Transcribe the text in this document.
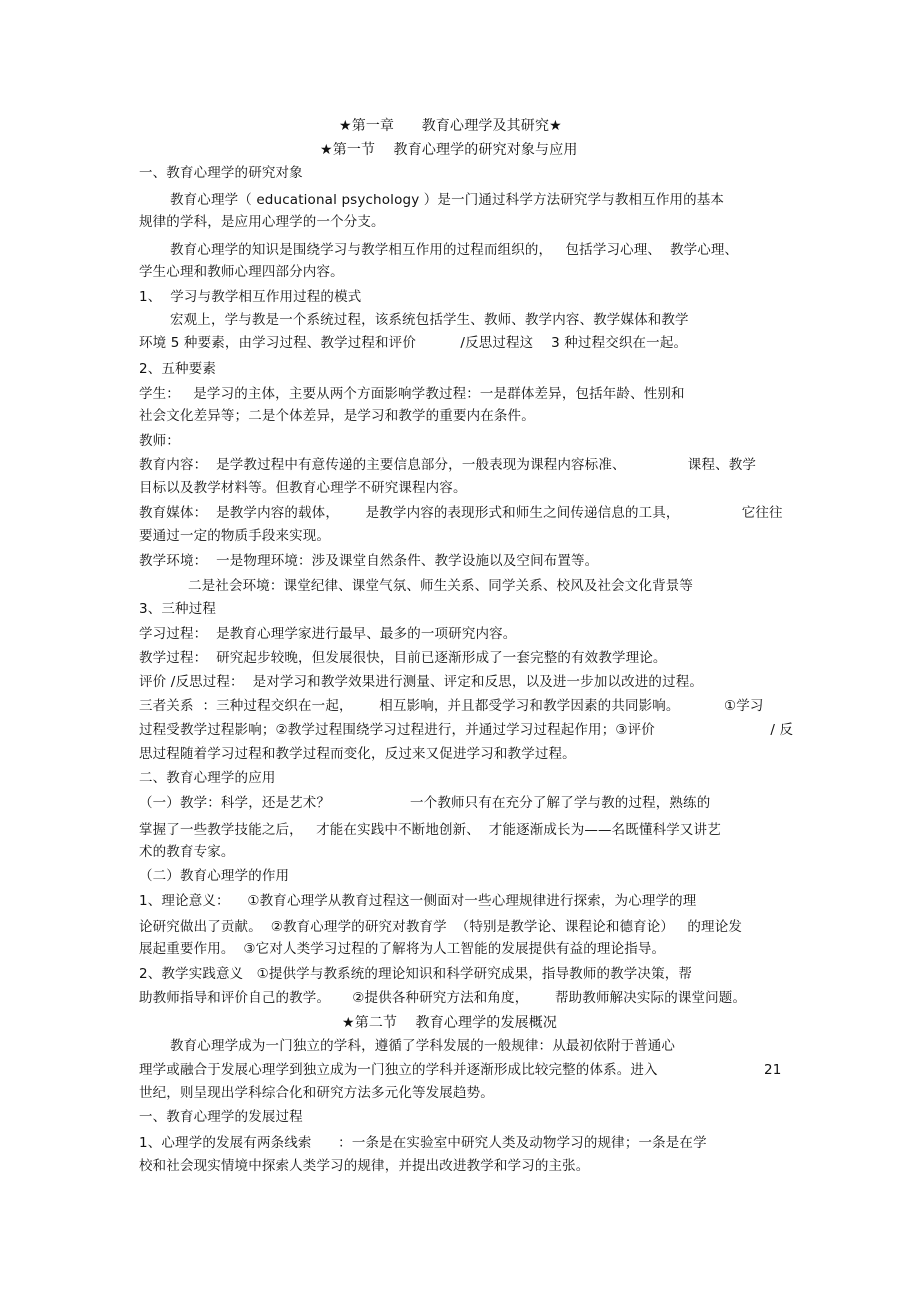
★第一章      教育心理学及其研究★

★第一节    教育心理学的研究对象与应用

一、教育心理学的研究对象

教育心理学（ educational psychology ）是一门通过科学方法研究学与教相互作用的基本

规律的学科，是应用心理学的一个分支。

教育心理学的知识是围绕学习与教学相互作用的过程而组织的，   包括学习心理、  教学心理、

学生心理和教师心理四部分内容。

1、  学习与教学相互作用过程的模式

宏观上，学与教是一个系统过程，该系统包括学生、教师、教学内容、教学媒体和教学

环境 5 种要素，由学习过程、教学过程和评价          /反思过程这    3 种过程交织在一起。

2、五种要素

学生：   是学习的主体，主要从两个方面影响学教过程：一是群体差异，包括年龄、性别和

社会文化差异等；二是个体差异，是学习和教学的重要内在条件。

教师：

教育内容：  是学教过程中有意传递的主要信息部分，一般表现为课程内容标准、              课程、教学

目标以及教学材料等。但教育心理学不研究课程内容。

教育媒体：  是教学内容的载体，      是教学内容的表现形式和师生之间传递信息的工具，              它往往

要通过一定的物质手段来实现。

教学环境：  一是物理环境：涉及课堂自然条件、教学设施以及空间布置等。

二是社会环境：课堂纪律、课堂气氛、师生关系、同学关系、校风及社会文化背景等

3、三种过程

学习过程：  是教育心理学家进行最早、最多的一项研究内容。

教学过程：  研究起步较晚，但发展很快，目前已逐渐形成了一套完整的有效教学理论。

评价 /反思过程：  是对学习和教学效果进行测量、评定和反思，以及进一步加以改进的过程。

三者关系  ：三种过程交织在一起，      相互影响，并且都受学习和教学因素的共同影响。          ①学习

过程受教学过程影响；②教学过程围绕学习过程进行，并通过学习过程起作用；③评价                          / 反

思过程随着学习过程和教学过程而变化，反过来又促进学习和教学过程。

二、教育心理学的应用

（一）教学：科学，还是艺术？                  一个教师只有在充分了解了学与教的过程，熟练的

掌握了一些教学技能之后，   才能在实践中不断地创新、  才能逐渐成长为——名既懂科学又讲艺

术的教育专家。

（二）教育心理学的作用

1、理论意义：    ①教育心理学从教育过程这一侧面对一些心理规律进行探索，为心理学的理

论研究做出了贡献。  ②教育心理学的研究对教育学  （特别是教学论、课程论和德育论）   的理论发

展起重要作用。  ③它对人类学习过程的了解将为人工智能的发展提供有益的理论指导。

2、教学实践意义   ①提供学与教系统的理论知识和科学研究成果，指导教师的教学决策，帮

助教师指导和评价自己的教学。     ②提供各种研究方法和角度，      帮助教师解决实际的课堂问题。

★第二节    教育心理学的发展概况

教育心理学成为一门独立的学科，遵循了学科发展的一般规律：从最初依附于普通心

理学或融合于发展心理学到独立成为一门独立的学科并逐渐形成比较完整的体系。进入	21

世纪，则呈现出学科综合化和研究方法多元化等发展趋势。

一、教育心理学的发展过程

1、心理学的发展有两条线索      ：一条是在实验室中研究人类及动物学习的规律；一条是在学

校和社会现实情境中探索人类学习的规律，并提出改进教学和学习的主张。
